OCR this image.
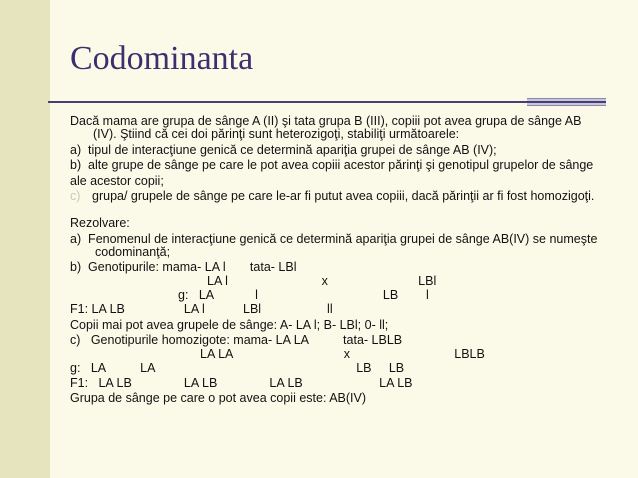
Codominanta

Dacă mama are grupa de sânge A (II) şi tata grupa B (III), copiii pot avea grupa de sânge AB

(IV). Ştiind că cei doi părinţi sunt heterozigoţi, stabiliţi următoarele:

a)  tipul de interacţiune genică ce determină apariţia grupei de sânge AB (IV);

b)  alte grupe de sânge pe care le pot avea copiii acestor părinţi şi genotipul grupelor de sânge

ale acestor copii;

c) grupa/ grupele de sânge pe care le-ar fi putut avea copiii, dacă părinţii ar fi fost homozigoţi.

Rezolvare:

a)  Fenomenul de interacţiune genică ce determină apariţia grupei de sânge AB(IV) se numeşte

codominanţă;

b)  Genotipurile: mama- LA l       tata- LBl

LA l                           x                          LBl

g:   LA            l                                    LB        l

F1: LA LB                 LA l           LBl                   ll

Copii mai pot avea grupele de sânge: A- LA l; B- LBl; 0- ll;

c)   Genotipurile homozigote: mama- LA LA          tata- LBLB

LA LA                                x                              LBLB

g:   LA          LA                                                          LB     LB

F1:   LA LB               LA LB               LA LB                      LA LB

Grupa de sânge pe care o pot avea copii este: AB(IV)
